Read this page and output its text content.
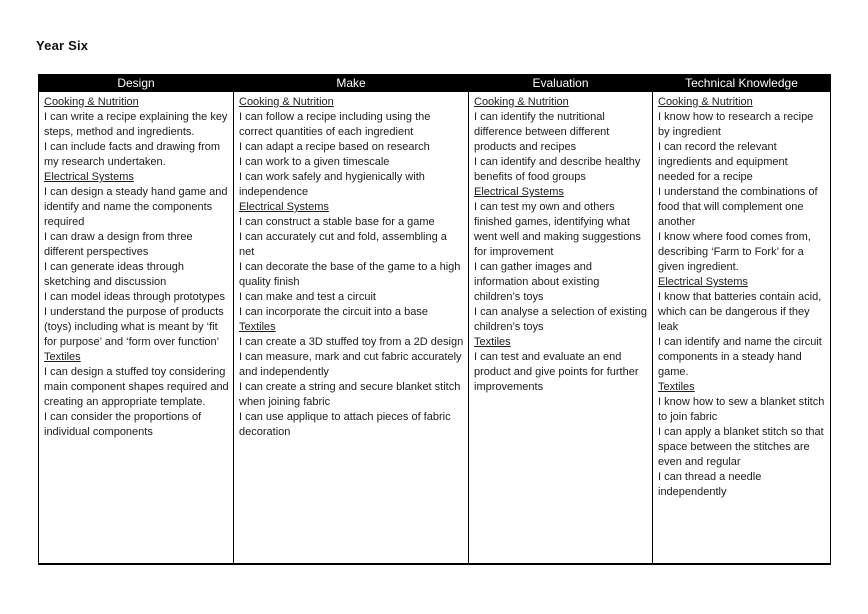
Year Six
Design	Make	Evaluation	Technical Knowledge

Cooking & Nutrition
I can write a recipe explaining the key steps, method and ingredients.
I can include facts and drawing from my research undertaken.
Electrical Systems
I can design a steady hand game and identify and name the components required
I can draw a design from three different perspectives
I can generate ideas through sketching and discussion
I can model ideas through prototypes
I understand the purpose of products (toys) including what is meant by ‘fit for purpose’ and ‘form over function’
Textiles
I can design a stuffed toy considering main component shapes required and creating an appropriate template.
I can consider the proportions of individual components

Cooking & Nutrition
I can follow a recipe including using the correct quantities of each ingredient
I can adapt a recipe based on research
I can work to a given timescale
I can work safely and hygienically with independence
Electrical Systems
I can construct a stable base for a game
I can accurately cut and fold, assembling a net
I can decorate the base of the game to a high quality finish
I can make and test a circuit
I can incorporate the circuit into a base
Textiles
I can create a 3D stuffed toy from a 2D design
I can measure, mark and cut fabric accurately and independently
I can create a string and secure blanket stitch when joining fabric
I can use applique to attach pieces of fabric decoration

Cooking & Nutrition
I can identify the nutritional difference between different products and recipes
I can identify and describe healthy benefits of food groups
Electrical Systems
I can test my own and others finished games, identifying what went well and making suggestions for improvement
I can gather images and information about existing children’s toys
I can analyse a selection of existing children’s toys
Textiles
I can test and evaluate an end product and give points for further improvements

Cooking & Nutrition
I know how to research a recipe by ingredient
I can record the relevant ingredients and equipment needed for a recipe
I understand the combinations of food that will complement one another
I know where food comes from, describing ‘Farm to Fork’ for a given ingredient.
Electrical Systems
I know that batteries contain acid, which can be dangerous if they leak
I can identify and name the circuit components in a steady hand game.
Textiles
I know how to sew a blanket stitch to join fabric
I can apply a blanket stitch so that space between the stitches are even and regular
I can thread a needle independently
